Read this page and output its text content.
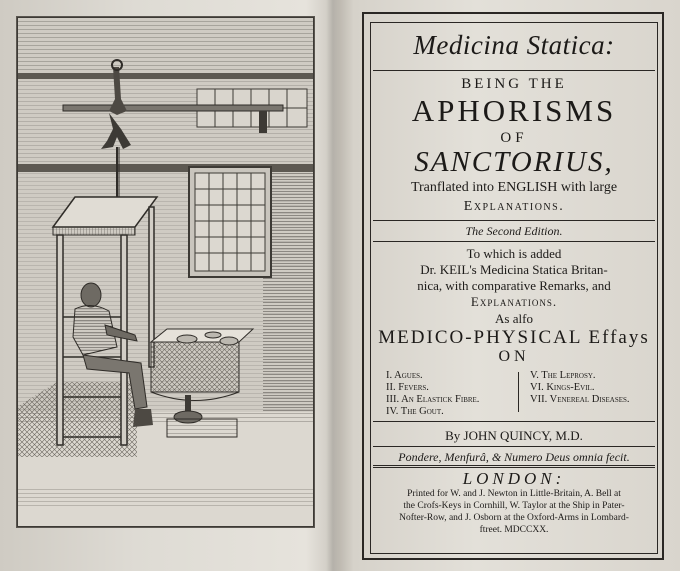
Medicina Statica:
BEING THE
APHORISMS
OF
SANCTORIUS,
Tranflated into ENGLISH with large
Explanations.
The Second Edition.
To which is added
Dr. KEIL's Medicina Statica Britan-
nica, with comparative Remarks, and
Explanations.
As alfo
MEDICO-PHYSICAL Effays
ON
I. Agues.
II. Fevers.
III. An Elastick Fibre.
IV. The Gout.
V. The Leprosy.
VI. Kings-Evil.
VII. Venereal Diseases.
By JOHN QUINCY, M.D.
Pondere, Menfurâ, & Numero Deus omnia fecit.
LONDON:
Printed for W. and J. Newton in Little-Britain, A. Bell at
the Crofs-Keys in Cornhill, W. Taylor at the Ship in Pater-
Nofter-Row, and J. Osborn at the Oxford-Arms in Lombard-
ftreet. MDCCXX.
